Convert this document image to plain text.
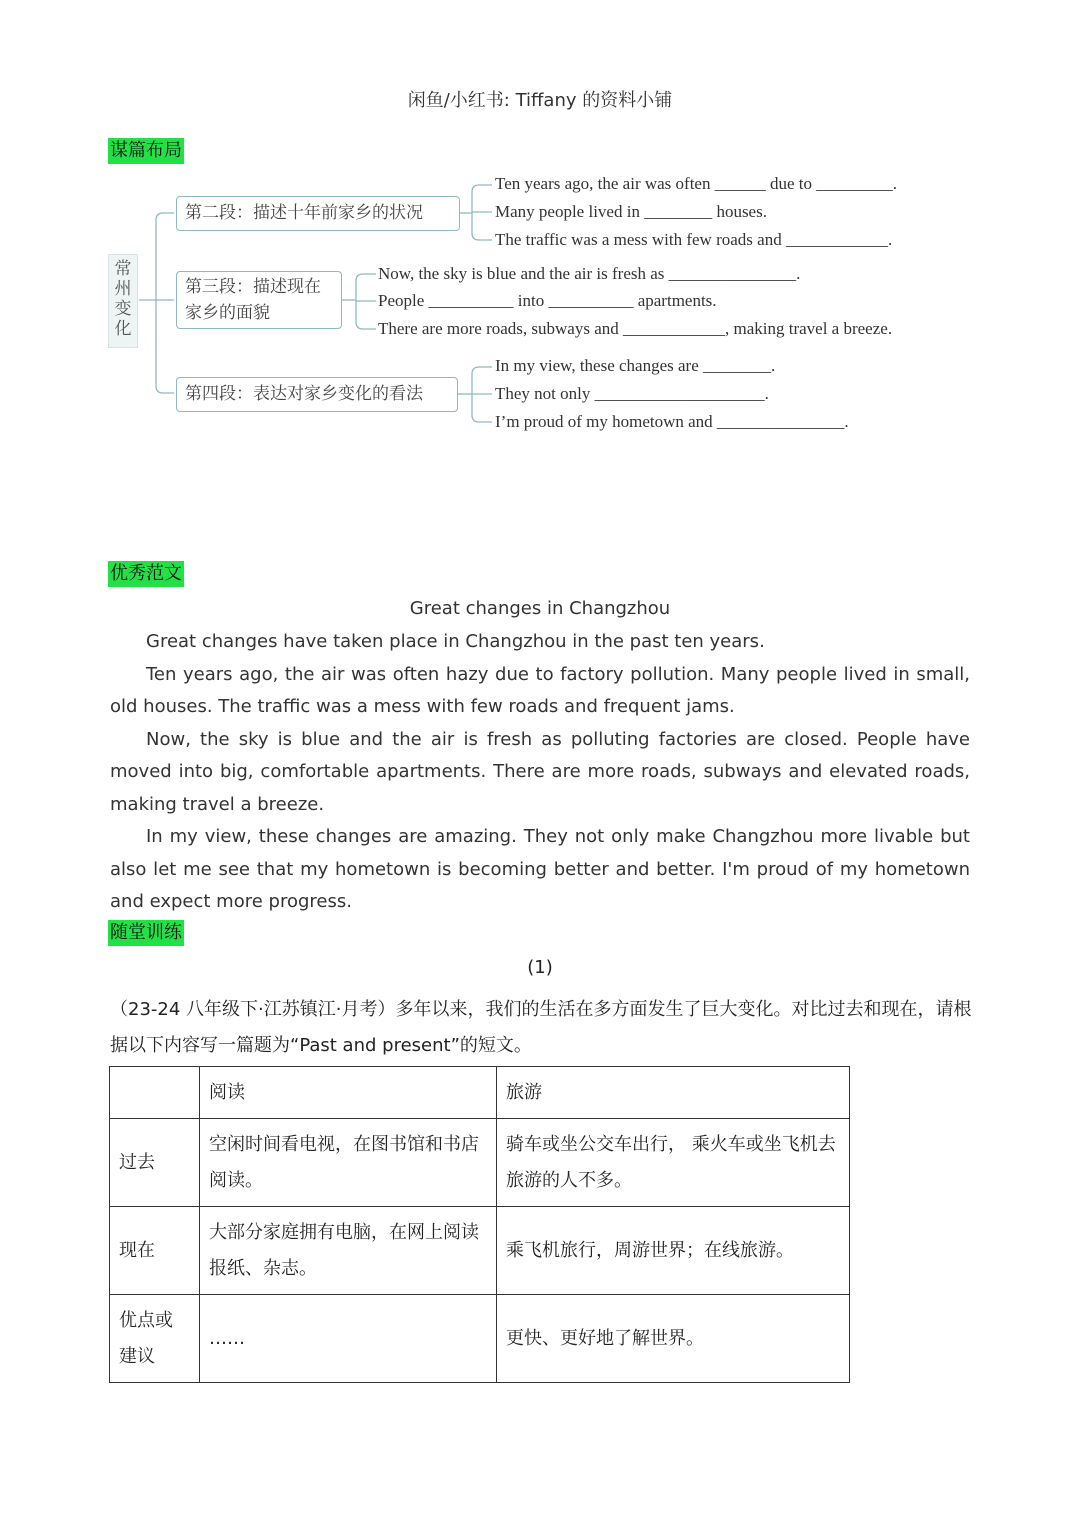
闲鱼/小红书: Tiffany 的资料小铺
谋篇布局
常
州
变
化
第二段：描述十年前家乡的状况
第三段：描述现在
家乡的面貌
第四段：表达对家乡变化的看法
Ten years ago, the air was often ______ due to _________.
Many people lived in ________ houses.
The traffic was a mess with few roads and ____________.
Now, the sky is blue and the air is fresh as _______________.
People __________ into __________ apartments.
There are more roads, subways and ____________, making travel a breeze.
In my view, these changes are ________.
They not only ____________________.
I’m proud of my hometown and _______________.
优秀范文
Great changes in Changzhou

Great changes have taken place in Changzhou in the past ten years.

Ten years ago, the air was often hazy due to factory pollution. Many people lived in small, old houses. The traffic was a mess with few roads and frequent jams.

Now, the sky is blue and the air is fresh as polluting factories are closed. People have moved into big, comfortable apartments. There are more roads, subways and elevated roads, making travel a breeze.

In my view, these changes are amazing. They not only make Changzhou more livable but also let me see that my hometown is becoming better and better. I'm proud of my hometown and expect more progress.

随堂训练
(1)
（23-24 八年级下·江苏镇江·月考）多年以来，我们的生活在多方面发生了巨大变化。对比过去和现在，请根据以下内容写一篇题为“Past and present”的短文。
	阅读	旅游
过去	空闲时间看电视，在图书馆和书店阅读。	骑车或坐公交车出行， 乘火车或坐飞机去旅游的人不多。
现在	大部分家庭拥有电脑，在网上阅读报纸、杂志。	乘飞机旅行，周游世界；在线旅游。
优点或建议	……	更快、更好地了解世界。
